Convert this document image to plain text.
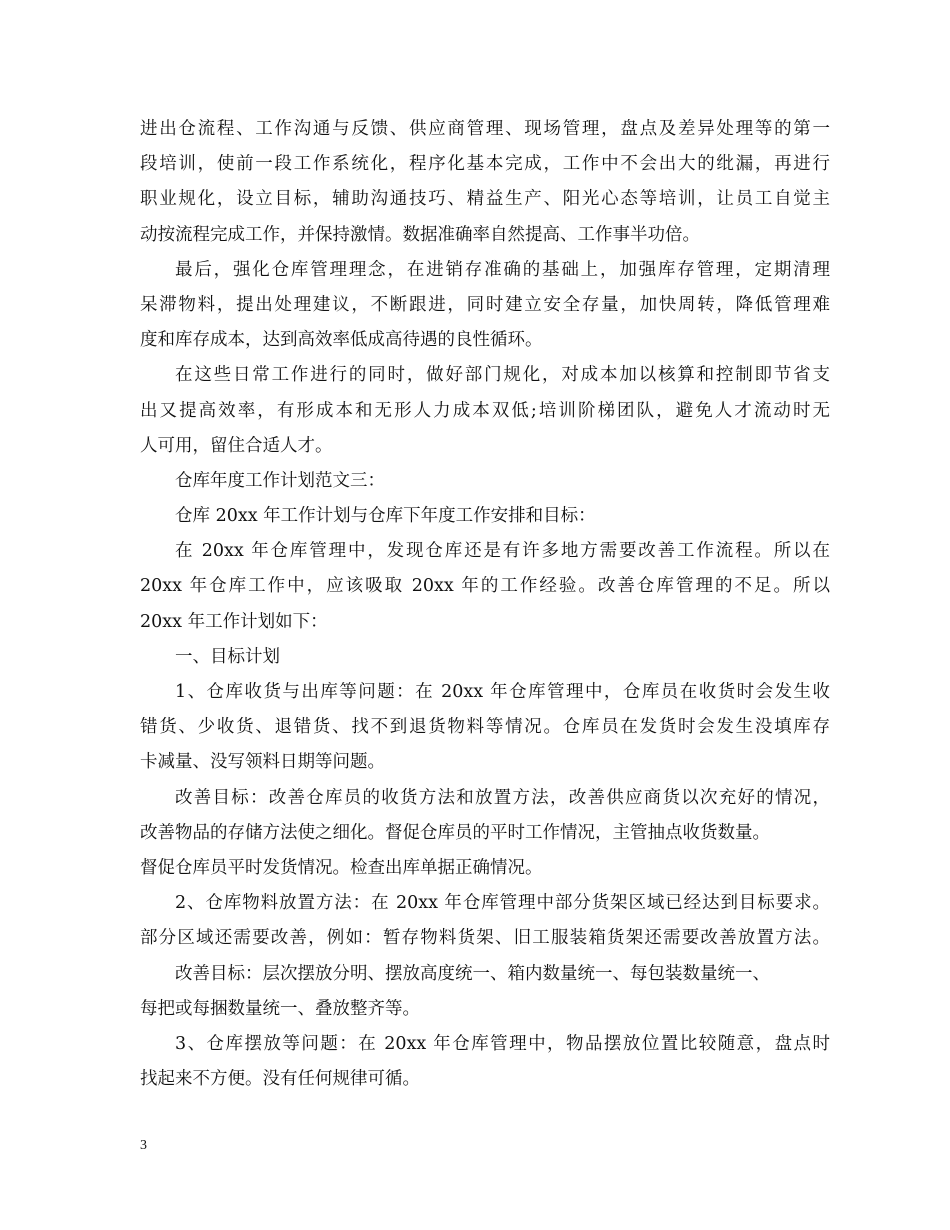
进出仓流程、工作沟通与反馈、供应商管理、现场管理，盘点及差异处理等的第一
段培训，使前一段工作系统化，程序化基本完成，工作中不会出大的纰漏，再进行
职业规化，设立目标，辅助沟通技巧、精益生产、阳光心态等培训，让员工自觉主
动按流程完成工作，并保持激情。数据准确率自然提高、工作事半功倍。
最后，强化仓库管理理念，在进销存准确的基础上，加强库存管理，定期清理
呆滞物料，提出处理建议，不断跟进，同时建立安全存量，加快周转，降低管理难
度和库存成本，达到高效率低成高待遇的良性循环。
在这些日常工作进行的同时，做好部门规化，对成本加以核算和控制即节省支
出又提高效率，有形成本和无形人力成本双低;培训阶梯团队，避免人才流动时无
人可用，留住合适人才。
仓库年度工作计划范文三：
仓库 20xx 年工作计划与仓库下年度工作安排和目标：
在 20xx 年仓库管理中，发现仓库还是有许多地方需要改善工作流程。所以在
20xx 年仓库工作中，应该吸取 20xx 年的工作经验。改善仓库管理的不足。所以
20xx 年工作计划如下：
一、目标计划
1、仓库收货与出库等问题：在 20xx 年仓库管理中，仓库员在收货时会发生收
错货、少收货、退错货、找不到退货物料等情况。仓库员在发货时会发生没填库存
卡减量、没写领料日期等问题。
改善目标：改善仓库员的收货方法和放置方法，改善供应商货以次充好的情况，
改善物品的存储方法使之细化。督促仓库员的平时工作情况，主管抽点收货数量。
督促仓库员平时发货情况。检查出库单据正确情况。
2、仓库物料放置方法：在 20xx 年仓库管理中部分货架区域已经达到目标要求。
部分区域还需要改善，例如：暂存物料货架、旧工服装箱货架还需要改善放置方法。
改善目标：层次摆放分明、摆放高度统一、箱内数量统一、每包装数量统一、
每把或每捆数量统一、叠放整齐等。
3、仓库摆放等问题：在 20xx 年仓库管理中，物品摆放位置比较随意，盘点时
找起来不方便。没有任何规律可循。
3
